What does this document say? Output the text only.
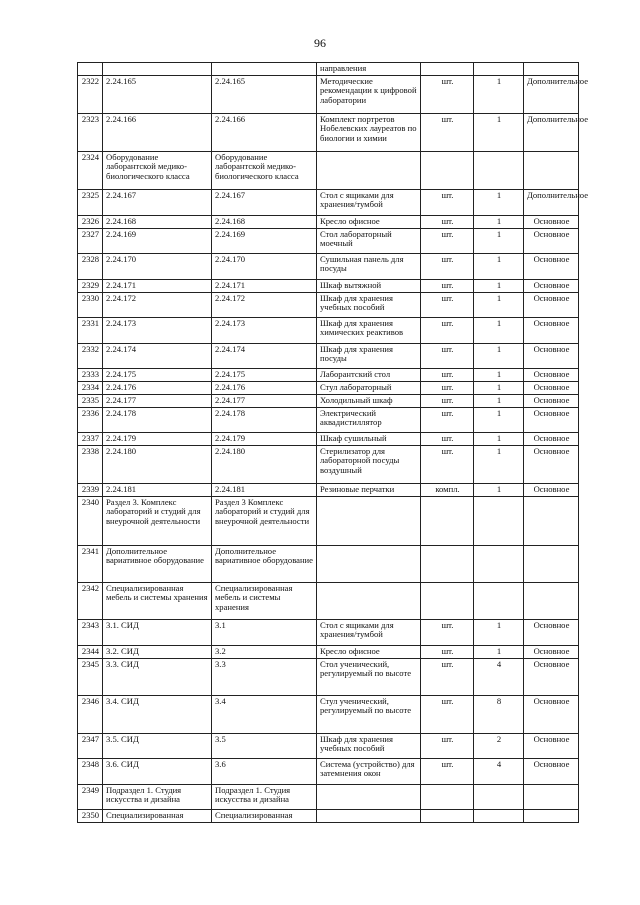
96
			направления			
2322	2.24.165	2.24.165	Методические рекомендации к цифровой лаборатории	шт.	1	Дополнительное
2323	2.24.166	2.24.166	Комплект портретов Нобелевских лауреатов по биологии и химии	шт.	1	Дополнительное
2324	Оборудование лаборантской медико-биологического класса	Оборудование лаборантской медико-биологического класса				
2325	2.24.167	2.24.167	Стол с ящиками для хранения/тумбой	шт.	1	Дополнительное
2326	2.24.168	2.24.168	Кресло офисное	шт.	1	Основное
2327	2.24.169	2.24.169	Стол лабораторный моечный	шт.	1	Основное
2328	2.24.170	2.24.170	Сушильная панель для посуды	шт.	1	Основное
2329	2.24.171	2.24.171	Шкаф вытяжной	шт.	1	Основное
2330	2.24.172	2.24.172	Шкаф для хранения учебных пособий	шт.	1	Основное
2331	2.24.173	2.24.173	Шкаф для хранения химических реактивов	шт.	1	Основное
2332	2.24.174	2.24.174	Шкаф для хранения посуды	шт.	1	Основное
2333	2.24.175	2.24.175	Лаборантский стол	шт.	1	Основное
2334	2.24.176	2.24.176	Стул лабораторный	шт.	1	Основное
2335	2.24.177	2.24.177	Холодильный шкаф	шт.	1	Основное
2336	2.24.178	2.24.178	Электрический аквадистиллятор	шт.	1	Основное
2337	2.24.179	2.24.179	Шкаф сушильный	шт.	1	Основное
2338	2.24.180	2.24.180	Стерилизатор для лабораторной посуды воздушный	шт.	1	Основное
2339	2.24.181	2.24.181	Резиновые перчатки	компл.	1	Основное
2340	Раздел 3. Комплекс лабораторий и студий для внеурочной деятельности	Раздел 3 Комплекс лабораторий и студий для внеурочной деятельности				
2341	Дополнительное вариативное оборудование	Дополнительное вариативное оборудование				
2342	Специализированная мебель и системы хранения	Специализированная мебель и системы хранения				
2343	3.1. СИД	3.1	Стол с ящиками для хранения/тумбой	шт.	1	Основное
2344	3.2. СИД	3.2	Кресло офисное	шт.	1	Основное
2345	3.3. СИД	3.3	Стол ученический, регулируемый по высоте	шт.	4	Основное
2346	3.4. СИД	3.4	Стул ученический, регулируемый по высоте	шт.	8	Основное
2347	3.5. СИД	3.5	Шкаф для хранения учебных пособий	шт.	2	Основное
2348	3.6. СИД	3.6	Система (устройство) для затемнения окон	шт.	4	Основное
2349	Подраздел 1. Студия искусства и дизайна	Подраздел 1. Студия искусства и дизайна				
2350	Специализированная	Специализированная				
